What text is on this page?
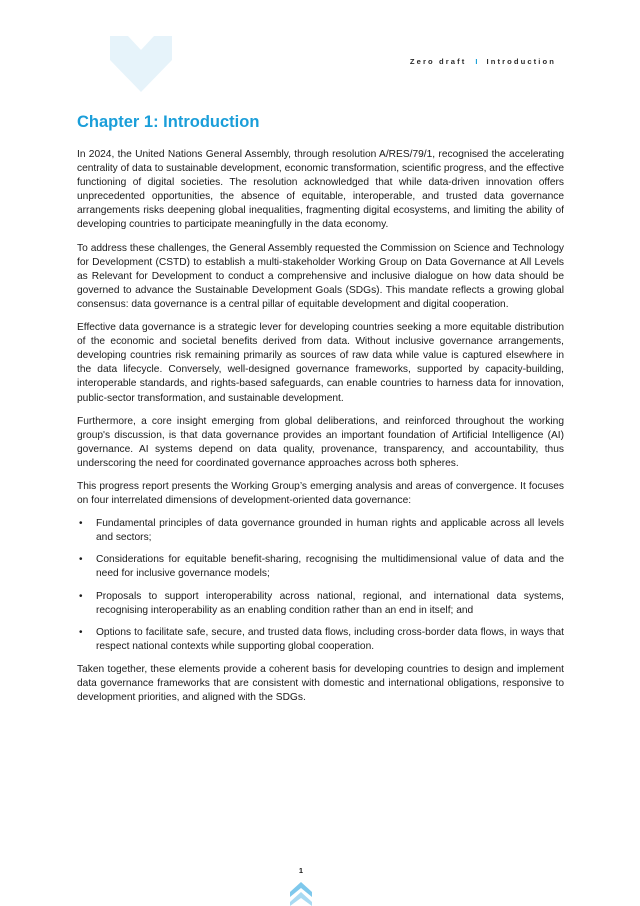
Zero draft I Introduction
Chapter 1: Introduction

In 2024, the United Nations General Assembly, through resolution A/RES/79/1, recognised the accelerating centrality of data to sustainable development, economic transformation, scientific progress, and the effective functioning of digital societies. The resolution acknowledged that while data-driven innovation offers unprecedented opportunities, the absence of equitable, interoperable, and trusted data governance arrangements risks deepening global inequalities, fragmenting digital ecosystems, and limiting the ability of developing countries to participate meaningfully in the data economy.

To address these challenges, the General Assembly requested the Commission on Science and Technology for Development (CSTD) to establish a multi-stakeholder Working Group on Data Governance at All Levels as Relevant for Development to conduct a comprehensive and inclusive dialogue on how data should be governed to advance the Sustainable Development Goals (SDGs). This mandate reflects a growing global consensus: data governance is a central pillar of equitable development and digital cooperation.

Effective data governance is a strategic lever for developing countries seeking a more equitable distribution of the economic and societal benefits derived from data. Without inclusive governance arrangements, developing countries risk remaining primarily as sources of raw data while value is captured elsewhere in the data lifecycle. Conversely, well-designed governance frameworks, supported by capacity-building, interoperable standards, and rights-based safeguards, can enable countries to harness data for innovation, public-sector transformation, and sustainable development.

Furthermore, a core insight emerging from global deliberations, and reinforced throughout the working group's discussion, is that data governance provides an important foundation of Artificial Intelligence (AI) governance. AI systems depend on data quality, provenance, transparency, and accountability, thus underscoring the need for coordinated governance approaches across both spheres.

This progress report presents the Working Group’s emerging analysis and areas of convergence. It focuses on four interrelated dimensions of development-oriented data governance:

• Fundamental principles of data governance grounded in human rights and applicable across all levels and sectors;
• Considerations for equitable benefit-sharing, recognising the multidimensional value of data and the need for inclusive governance models;
• Proposals to support interoperability across national, regional, and international data systems, recognising interoperability as an enabling condition rather than an end in itself; and
• Options to facilitate safe, secure, and trusted data flows, including cross-border data flows, in ways that respect national contexts while supporting global cooperation.

Taken together, these elements provide a coherent basis for developing countries to design and implement data governance frameworks that are consistent with domestic and international obligations, responsive to development priorities, and aligned with the SDGs.

1
